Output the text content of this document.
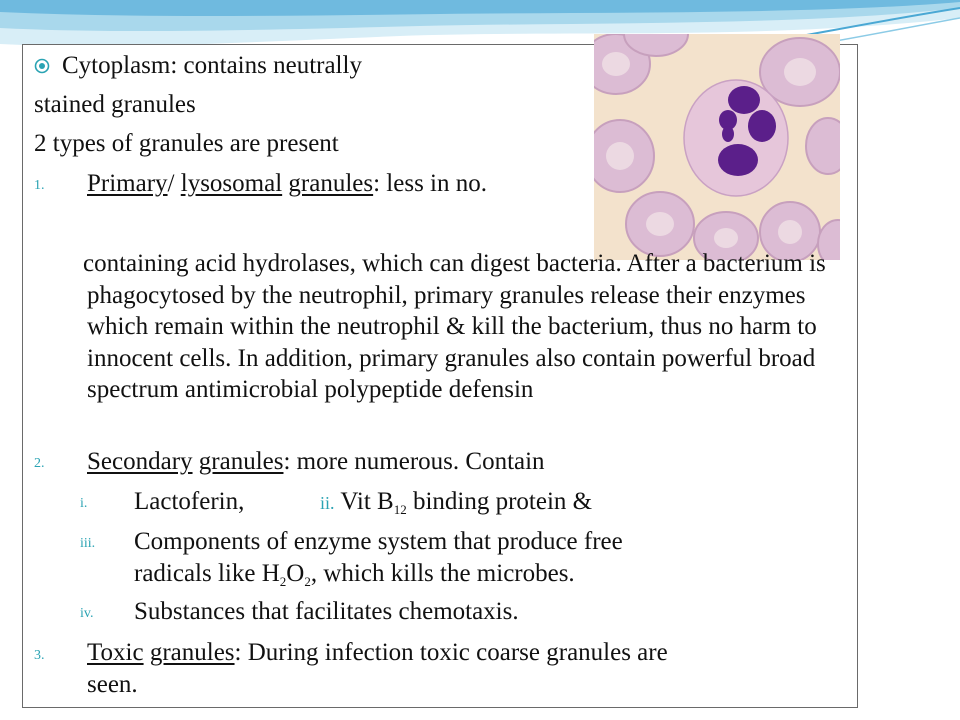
Cytoplasm: contains neutrally
stained granules
2 types of granules are present
1. Primary/ lysosomal granules: less in no.
containing acid hydrolases, which can digest bacteria. After a bacterium is phagocytosed by the neutrophil, primary granules release their enzymes which remain within the neutrophil & kill the bacterium, thus no harm to innocent cells. In addition, primary granules also contain powerful broad spectrum antimicrobial polypeptide defensin
2. Secondary granules: more numerous. Contain
i. Lactoferin,	ii. Vit $B_{12}$ binding protein &
iii. Components of enzyme system that produce free
radicals like $H_2O_2$, which kills the microbes.
iv. Substances that facilitates chemotaxis.
3. Toxic granules: During infection toxic coarse granules are
seen.
